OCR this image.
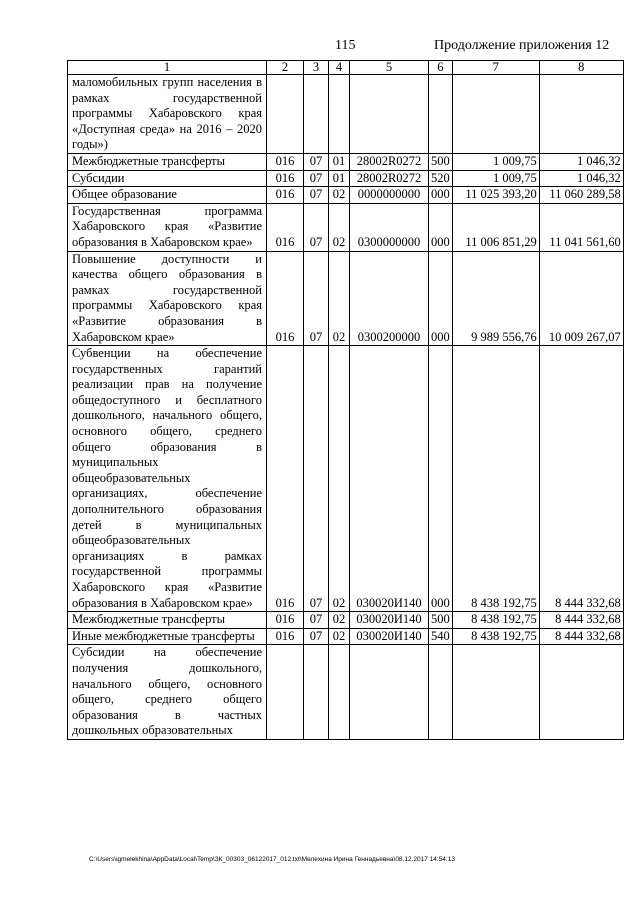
115	Продолжение приложения 12
1	2	3	4	5	6	7	8
маломобильных групп населения в рамках государственной программы Хабаровского края «Доступная среда» на 2016 – 2020 годы»)							
Межбюджетные трансферты	016	07	01	28002R0272	500	1 009,75	1 046,32
Субсидии	016	07	01	28002R0272	520	1 009,75	1 046,32
Общее образование	016	07	02	0000000000	000	11 025 393,20	11 060 289,58
Государственная программа Хабаровского края «Развитие образования в Хабаровском крае»	016	07	02	0300000000	000	11 006 851,29	11 041 561,60
Повышение доступности и качества общего образования в рамках государственной программы Хабаровского края «Развитие образования в Хабаровском крае»	016	07	02	0300200000	000	9 989 556,76	10 009 267,07
Субвенции на обеспечение государственных гарантий реализации прав на получение общедоступного и бесплатного дошкольного, начального общего, основного общего, среднего общего образования в муниципальных общеобразовательных организациях, обеспечение дополнительного образования детей в муниципальных общеобразовательных организациях в рамках государственной программы Хабаровского края «Развитие образования в Хабаровском крае»	016	07	02	030020И140	000	8 438 192,75	8 444 332,68
Межбюджетные трансферты	016	07	02	030020И140	500	8 438 192,75	8 444 332,68
Иные межбюджетные трансферты	016	07	02	030020И140	540	8 438 192,75	8 444 332,68
Субсидии на обеспечение получения дошкольного, начального общего, основного общего, среднего общего образования в частных дошкольных образовательных							
C:\Users\igmelekhina\AppData\Local\Temp\ЗК_00303_06122017_012.txt\Мелехина Ирина Геннадьевна\08.12.2017 14:54:13
